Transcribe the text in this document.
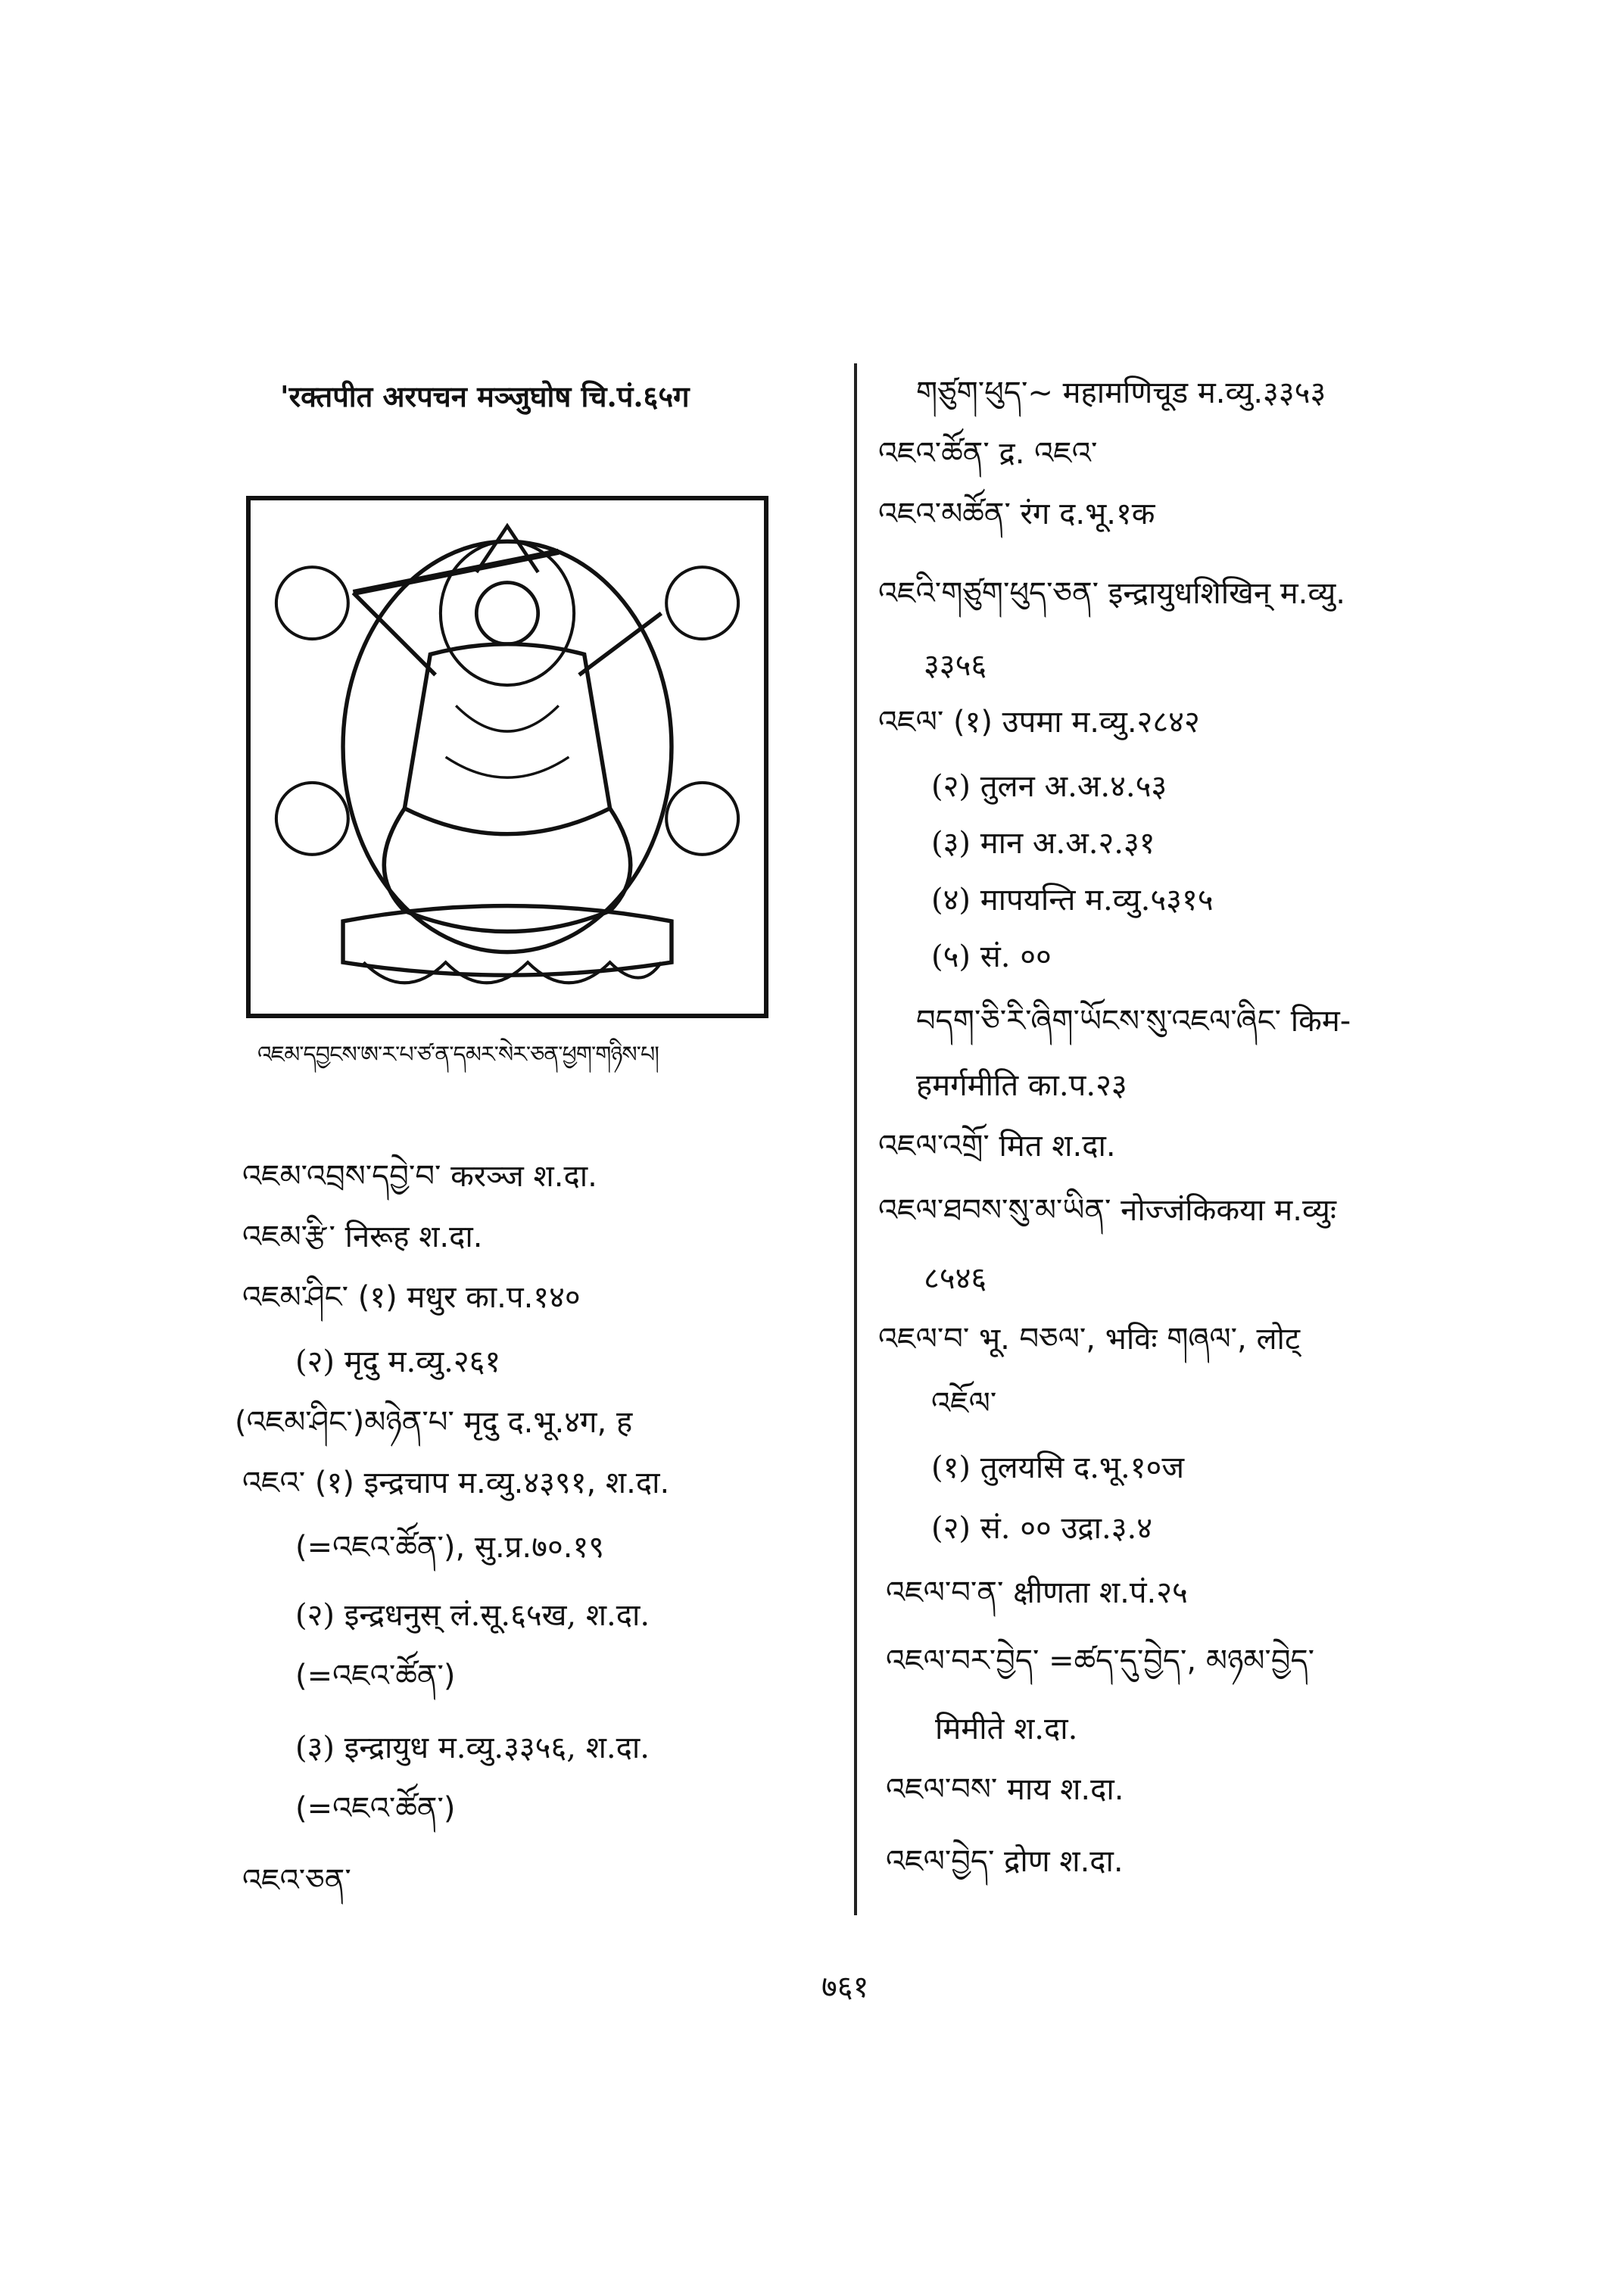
'रक्तपीत अरपचन मञ्जुघोष चि.पं.६५ग
འཇམ་དབྱངས་ཨ་ར་པ་ཙ་ན་དམར་སེར་ཅན་ཕྱག་གཉིས་པ།
འཇམ་འབྲས་དབྱེ་བ་ करञ्ज श.दा.
འཇམ་རྩི་ निरूह श.दा.
འཇམ་ཤིང་ (१) मधुर का.प.१४०
(२) मृदु म.व्यु.२६१
(འཇམ་ཤིང་)མཉེན་པ་ मृदु द.भू.४ग, ह
འཇའ་ (१) इन्द्रचाप म.व्यु.४३९१, श.दा.
(=འཇའ་ཚོན་), सु.प्र.७०.१९
(२) इन्द्रधनुस् लं.सू.६५ख, श.दा.
(=འཇའ་ཚོན་)
(३) इन्द्रायुध म.व्यु.३३५६, श.दा.
(=འཇའ་ཚོན་)
འཇའ་ཅན་
གཙུག་ཕུད་~ महामणिचूड म.व्यु.३३५३
འཇའ་ཚོན་ द्र. འཇའ་
འཇའ་མཚོན་ रंग द.भू.१क
འཇའི་གཙུག་ཕུད་ཅན་ इन्द्रायुधशिखिन् म.व्यु.
३३५६
འཇལ་ (१) उपमा म.व्यु.२८४२
(२) तुलन अ.अ.४.५३
(३) मान अ.अ.२.३१
(४) मापयन्ति म.व्यु.५३१५
(५) सं. ००
བདག་ཅི་རི་ཞིག་ཡོངས་སུ་འཇལ་ཞིང་ किम-
हमर्गमीति का.प.२३
འཇལ་འགྲོ་ मित श.दा.
འཇལ་ཐབས་སུ་མ་ཡིན་ नोज्जंकिकया म.व्युः
८५४६
འཇལ་བ་ भू. བཅལ་, भविः གཞལ་, लोट्
འཇོལ་
(१) तुलयसि द.भू.१०ज
(२) सं. ०० उद्रा.३.४
འཇལ་བ་ན་ क्षीणता श.पं.२५
འཇལ་བར་བྱེད་ =ཚད་དུ་བྱེད་, མཉམ་བྱེད་
मिमीते श.दा.
འཇལ་བས་ माय श.दा.
འཇལ་བྱེད་ द्रोण श.दा.
७६१
